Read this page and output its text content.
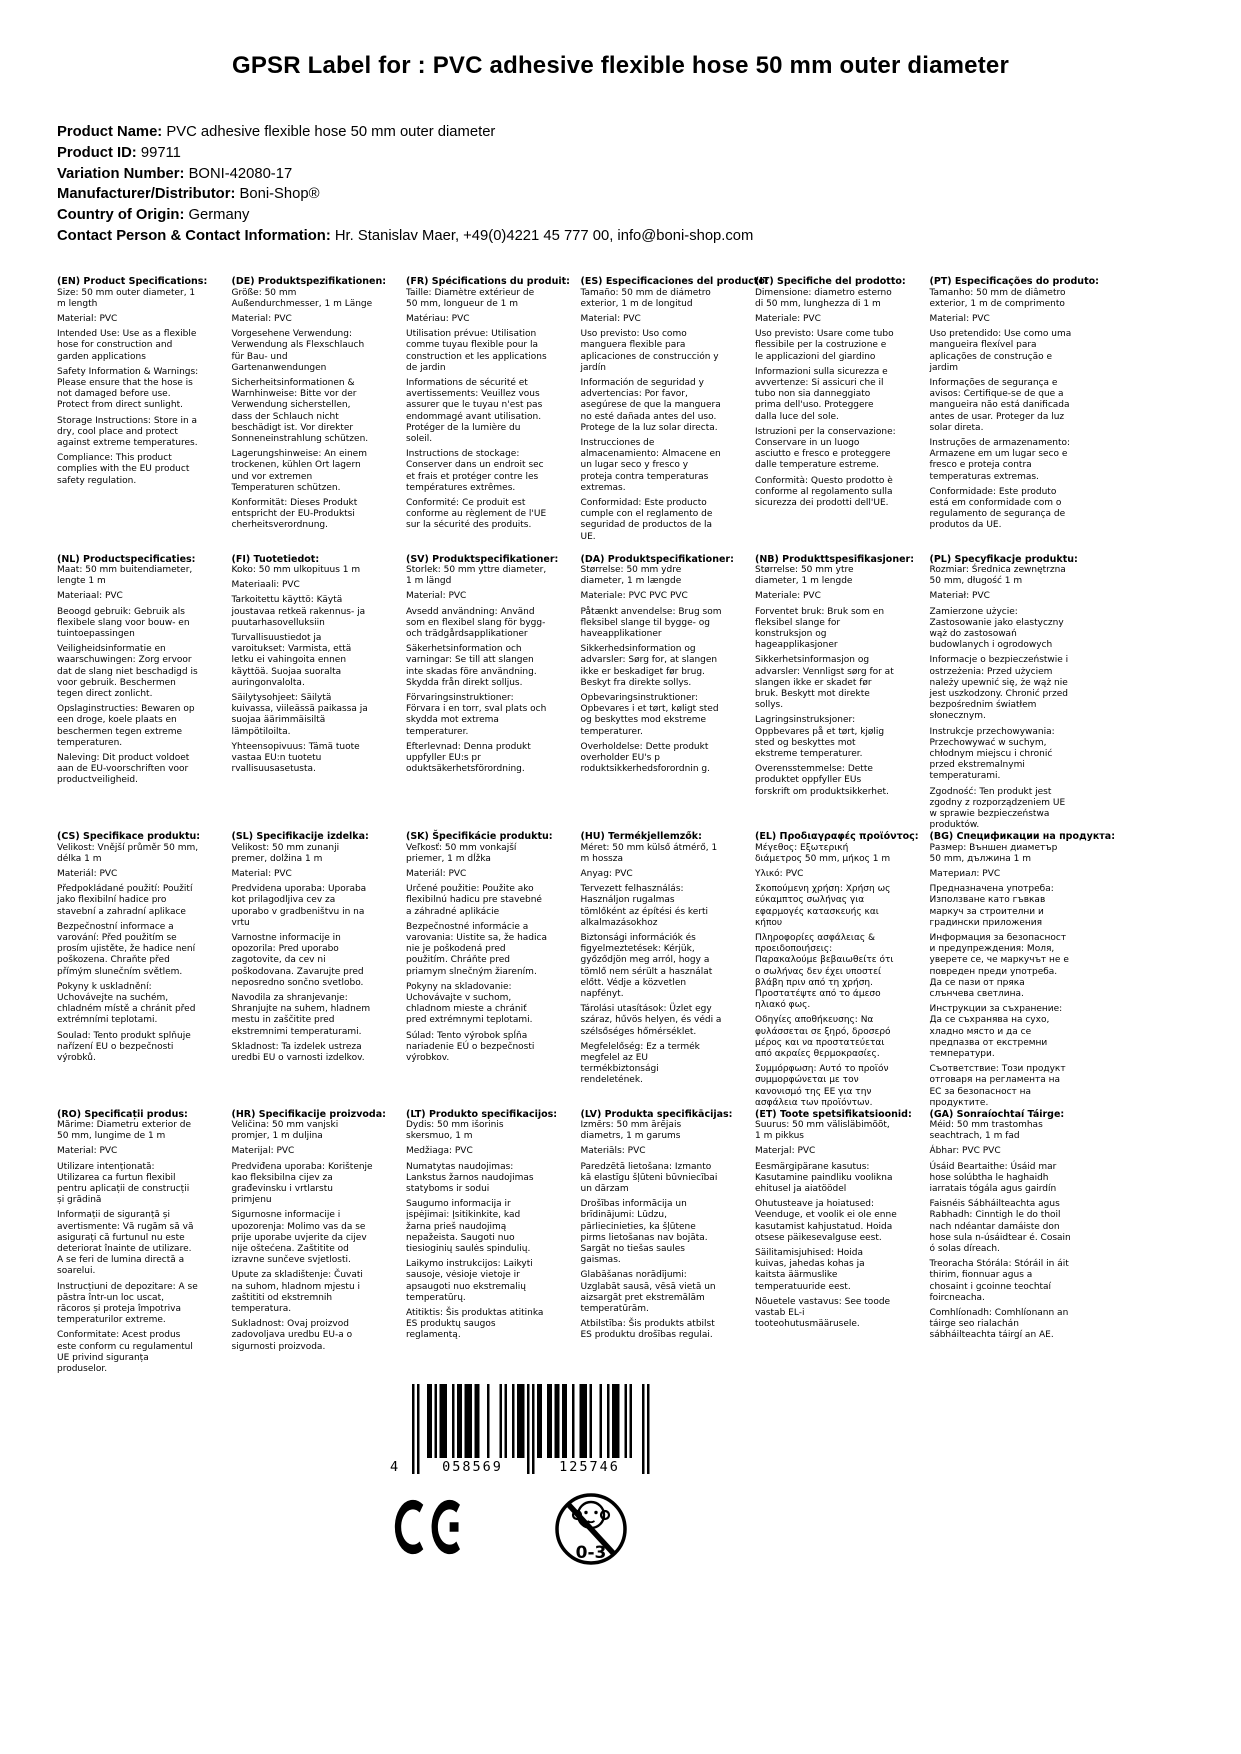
GPSR Label for : PVC adhesive flexible hose 50 mm outer diameter
Product Name: PVC adhesive flexible hose 50 mm outer diameter
Product ID: 99711
Variation Number: BONI-42080-17
Manufacturer/Distributor: Boni-Shop®
Country of Origin: Germany
Contact Person & Contact Information: Hr. Stanislav Maer, +49(0)4221 45 777 00, info@boni-shop.com
(EN) Product Specifications:

Size: 50 mm outer diameter, 1 m length

Material: PVC

Intended Use: Use as a flexible hose for construction and garden applications

Safety Information & Warnings: Please ensure that the hose is not damaged before use. Protect from direct sunlight.

Storage Instructions: Store in a dry, cool place and protect against extreme temperatures.

Compliance: This product complies with the EU product safety regulation.

(DE) Produktspezifikationen:

Größe: 50 mm Außendurchmesser, 1 m Länge

Material: PVC

Vorgesehene Verwendung: Verwendung als Flexschlauch für Bau- und Gartenanwendungen

Sicherheitsinformationen & Warnhinweise: Bitte vor der Verwendung sicherstellen, dass der Schlauch nicht beschädigt ist. Vor direkter Sonneneinstrahlung schützen.

Lagerungshinweise: An einem trockenen, kühlen Ort lagern und vor extremen Temperaturen schützen.

Konformität: Dieses Produkt entspricht der EU-Produktsi cherheitsverordnung.

(FR) Spécifications du produit:

Taille: Diamètre extérieur de 50 mm, longueur de 1 m

Matériau: PVC

Utilisation prévue: Utilisation comme tuyau flexible pour la construction et les applications de jardin

Informations de sécurité et avertissements: Veuillez vous assurer que le tuyau n'est pas endommagé avant utilisation. Protéger de la lumière du soleil.

Instructions de stockage: Conserver dans un endroit sec et frais et protéger contre les températures extrêmes.

Conformité: Ce produit est conforme au règlement de l'UE sur la sécurité des produits.

(ES) Especificaciones del producto:

Tamaño: 50 mm de diámetro exterior, 1 m de longitud

Material: PVC

Uso previsto: Uso como manguera flexible para aplicaciones de construcción y jardín

Información de seguridad y advertencias: Por favor, asegúrese de que la manguera no esté dañada antes del uso. Protege de la luz solar directa.

Instrucciones de almacenamiento: Almacene en un lugar seco y fresco y proteja contra temperaturas extremas.

Conformidad: Este producto cumple con el reglamento de seguridad de productos de la UE.

(IT) Specifiche del prodotto:

Dimensione: diametro esterno di 50 mm, lunghezza di 1 m

Materiale: PVC

Uso previsto: Usare come tubo flessibile per la costruzione e le applicazioni del giardino

Informazioni sulla sicurezza e avvertenze: Si assicuri che il tubo non sia danneggiato prima dell'uso. Proteggere dalla luce del sole.

Istruzioni per la conservazione: Conservare in un luogo asciutto e fresco e proteggere dalle temperature estreme.

Conformità: Questo prodotto è conforme al regolamento sulla sicurezza dei prodotti dell'UE.

(PT) Especificações do produto:

Tamanho: 50 mm de diâmetro exterior, 1 m de comprimento

Material: PVC

Uso pretendido: Use como uma mangueira flexível para aplicações de construção e jardim

Informações de segurança e avisos: Certifique-se de que a mangueira não está danificada antes de usar. Proteger da luz solar direta.

Instruções de armazenamento: Armazene em um lugar seco e fresco e proteja contra temperaturas extremas.

Conformidade: Este produto está em conformidade com o regulamento de segurança de produtos da UE.

(NL) Productspecificaties:

Maat: 50 mm buitendiameter, lengte 1 m

Materiaal: PVC

Beoogd gebruik: Gebruik als flexibele slang voor bouw- en tuintoepassingen

Veiligheidsinformatie en waarschuwingen: Zorg ervoor dat de slang niet beschadigd is voor gebruik. Beschermen tegen direct zonlicht.

Opslaginstructies: Bewaren op een droge, koele plaats en beschermen tegen extreme temperaturen.

Naleving: Dit product voldoet aan de EU-voorschriften voor productveiligheid.

(FI) Tuotetiedot:

Koko: 50 mm ulkopituus 1 m

Materiaali: PVC

Tarkoitettu käyttö: Käytä joustavaa retkeä rakennus- ja puutarhasovelluksiin

Turvallisuustiedot ja varoitukset: Varmista, että letku ei vahingoita ennen käyttöä. Suojaa suoralta auringonvalolta.

Säilytysohjeet: Säilytä kuivassa, viileässä paikassa ja suojaa äärimmäisiltä lämpötiloilta.

Yhteensopivuus: Tämä tuote vastaa EU:n tuotetu rvallisuusasetusta.

(SV) Produktspecifikationer:

Storlek: 50 mm yttre diameter, 1 m längd

Material: PVC

Avsedd användning: Använd som en flexibel slang för bygg- och trädgårdsapplikationer

Säkerhetsinformation och varningar: Se till att slangen inte skadas före användning. Skydda från direkt solljus.

Förvaringsinstruktioner: Förvara i en torr, sval plats och skydda mot extrema temperaturer.

Efterlevnad: Denna produkt uppfyller EU:s pr oduktsäkerhetsförordning.

(DA) Produktspecifikationer:

Størrelse: 50 mm ydre diameter, 1 m længde

Materiale: PVC PVC PVC

Påtænkt anvendelse: Brug som fleksibel slange til bygge- og haveapplikationer

Sikkerhedsinformation og advarsler: Sørg for, at slangen ikke er beskadiget før brug. Beskyt fra direkte sollys.

Opbevaringsinstruktioner: Opbevares i et tørt, køligt sted og beskyttes mod ekstreme temperaturer.

Overholdelse: Dette produkt overholder EU's p roduktsikkerhedsforordnin g.

(NB) Produkttspesifikasjoner:

Størrelse: 50 mm ytre diameter, 1 m lengde

Materiale: PVC

Forventet bruk: Bruk som en fleksibel slange for konstruksjon og hageapplikasjoner

Sikkerhetsinformasjon og advarsler: Vennligst sørg for at slangen ikke er skadet før bruk. Beskytt mot direkte sollys.

Lagringsinstruksjoner: Oppbevares på et tørt, kjølig sted og beskyttes mot ekstreme temperaturer.

Overensstemmelse: Dette produktet oppfyller EUs forskrift om produktsikkerhet.

(PL) Specyfikacje produktu:

Rozmiar: Średnica zewnętrzna 50 mm, długość 1 m

Materiał: PVC

Zamierzone użycie: Zastosowanie jako elastyczny wąż do zastosowań budowlanych i ogrodowych

Informacje o bezpieczeństwie i ostrzeżenia: Przed użyciem należy upewnić się, że wąż nie jest uszkodzony. Chronić przed bezpośrednim światłem słonecznym.

Instrukcje przechowywania: Przechowywać w suchym, chłodnym miejscu i chronić przed ekstremalnymi temperaturami.

Zgodność: Ten produkt jest zgodny z rozporządzeniem UE w sprawie bezpieczeństwa produktów.

(CS) Specifikace produktu:

Velikost: Vnější průměr 50 mm, délka 1 m

Materiál: PVC

Předpokládané použití: Použití jako flexibilní hadice pro stavební a zahradní aplikace

Bezpečnostní informace a varování: Před použitím se prosím ujistěte, že hadice není poškozena. Chraňte před přímým slunečním světlem.

Pokyny k uskladnění: Uchovávejte na suchém, chladném místě a chránit před extrémními teplotami.

Soulad: Tento produkt splňuje nařízení EU o bezpečnosti výrobků.

(SL) Specifikacije izdelka:

Velikost: 50 mm zunanji premer, dolžina 1 m

Material: PVC

Predvidena uporaba: Uporaba kot prilagodljiva cev za uporabo v gradbeništvu in na vrtu

Varnostne informacije in opozorila: Pred uporabo zagotovite, da cev ni poškodovana. Zavarujte pred neposredno sončno svetlobo.

Navodila za shranjevanje: Shranjujte na suhem, hladnem mestu in zaščitite pred ekstremnimi temperaturami.

Skladnost: Ta izdelek ustreza uredbi EU o varnosti izdelkov.

(SK) Špecifikácie produktu:

Veľkosť: 50 mm vonkajší priemer, 1 m dĺžka

Materiál: PVC

Určené použitie: Použite ako flexibilnú hadicu pre stavebné a záhradné aplikácie

Bezpečnostné informácie a varovania: Uistite sa, že hadica nie je poškodená pred použitím. Chráňte pred priamym slnečným žiarením.

Pokyny na skladovanie: Uchovávajte v suchom, chladnom mieste a chrániť pred extrémnymi teplotami.

Súlad: Tento výrobok spĺňa nariadenie EÚ o bezpečnosti výrobkov.

(HU) Termékjellemzők:

Méret: 50 mm külső átmérő, 1 m hossza

Anyag: PVC

Tervezett felhasználás: Használjon rugalmas tömlőként az építési és kerti alkalmazásokhoz

Biztonsági információk és figyelmeztetések: Kérjük, győződjön meg arról, hogy a tömlő nem sérült a használat előtt. Védje a közvetlen napfényt.

Tárolási utasítások: Üzlet egy száraz, hűvös helyen, és védi a szélsőséges hőmérséklet.

Megfelelőség: Ez a termék megfelel az EU termékbiztonsági rendeletének.

(EL) Προδιαγραφές προϊόντος:

Μέγεθος: Εξωτερική διάμετρος 50 mm, μήκος 1 m

Υλικό: PVC

Σκοπούμενη χρήση: Χρήση ως εύκαμπτος σωλήνας για εφαρμογές κατασκευής και κήπου

Πληροφορίες ασφάλειας & προειδοποιήσεις: Παρακαλούμε βεβαιωθείτε ότι ο σωλήνας δεν έχει υποστεί βλάβη πριν από τη χρήση. Προστατέψτε από το άμεσο ηλιακό φως.

Οδηγίες αποθήκευσης: Να φυλάσσεται σε ξηρό, δροσερό μέρος και να προστατεύεται από ακραίες θερμοκρασίες.

Συμμόρφωση: Αυτό το προϊόν συμμορφώνεται με τον κανονισμό της ΕΕ για την ασφάλεια των προϊόντων.

(BG) Спецификации на продукта:

Размер: Външен диаметър 50 mm, дължина 1 m

Материал: PVC

Предназначена употреба: Използване като гъвкав маркуч за строителни и градински приложения

Информация за безопасност и предупреждения: Моля, уверете се, че маркучът не е повреден преди употреба. Да се пази от пряка слънчева светлина.

Инструкции за съхранение: Да се съхранява на сухо, хладно място и да се предпазва от екстремни температури.

Съответствие: Този продукт отговаря на регламента на ЕС за безопасност на продуктите.

(RO) Specificații produs:

Mărime: Diametru exterior de 50 mm, lungime de 1 m

Material: PVC

Utilizare intenționată: Utilizarea ca furtun flexibil pentru aplicații de construcții și grădină

Informații de siguranță și avertismente: Vă rugăm să vă asigurați că furtunul nu este deteriorat înainte de utilizare. A se feri de lumina directă a soarelui.

Instrucțiuni de depozitare: A se păstra într-un loc uscat, răcoros și proteja împotriva temperaturilor extreme.

Conformitate: Acest produs este conform cu regulamentul UE privind siguranța produselor.

(HR) Specifikacije proizvoda:

Veličina: 50 mm vanjski promjer, 1 m duljina

Materijal: PVC

Predviđena uporaba: Korištenje kao fleksibilna cijev za građevinsku i vrtlarstu primjenu

Sigurnosne informacije i upozorenja: Molimo vas da se prije uporabe uvjerite da cijev nije oštećena. Zaštitite od izravne sunčeve svjetlosti.

Upute za skladištenje: Čuvati na suhom, hladnom mjestu i zaštititi od ekstremnih temperatura.

Sukladnost: Ovaj proizvod zadovoljava uredbu EU-a o sigurnosti proizvoda.

(LT) Produkto specifikacijos:

Dydis: 50 mm išorinis skersmuo, 1 m

Medžiaga: PVC

Numatytas naudojimas: Lankstus žarnos naudojimas statyboms ir sodui

Saugumo informacija ir įspėjimai: Įsitikinkite, kad žarna prieš naudojimą nepažeista. Saugoti nuo tiesioginių saulės spindulių.

Laikymo instrukcijos: Laikyti sausoje, vėsioje vietoje ir apsaugoti nuo ekstremalių temperatūrų.

Atitiktis: Šis produktas atitinka ES produktų saugos reglamentą.

(LV) Produkta specifikācijas:

Izmērs: 50 mm ārējais diametrs, 1 m garums

Materiāls: PVC

Paredzētā lietošana: Izmanto kā elastīgu šļūteni būvniecībai un dārzam

Drošības informācija un brīdinājumi: Lūdzu, pārliecinieties, ka šļūtene pirms lietošanas nav bojāta. Sargāt no tiešas saules gaismas.

Glabāšanas norādījumi: Uzglabāt sausā, vēsā vietā un aizsargāt pret ekstremālām temperatūrām.

Atbilstība: Šis produkts atbilst ES produktu drošības regulai.

(ET) Toote spetsifikatsioonid:

Suurus: 50 mm välisläbimõõt, 1 m pikkus

Materjal: PVC

Eesmärgipärane kasutus: Kasutamine paindliku voolikna ehitusel ja aiatöödel

Ohutusteave ja hoiatused: Veenduge, et voolik ei ole enne kasutamist kahjustatud. Hoida otsese päikesevalguse eest.

Säilitamisjuhised: Hoida kuivas, jahedas kohas ja kaitsta äärmuslike temperatuuride eest.

Nõuetele vastavus: See toode vastab EL-i tooteohutusmäärusele.

(GA) Sonraíochtaí Táirge:

Méid: 50 mm trastomhas seachtrach, 1 m fad

Ábhar: PVC PVC

Úsáid Beartaithe: Úsáid mar hose solúbtha le haghaidh iarratais tógála agus gairdín

Faisnéis Sábháilteachta agus Rabhadh: Cinntigh le do thoil nach ndéantar damáiste don hose sula n-úsáidtear é. Cosain ó solas díreach.

Treoracha Stórála: Stóráil in áit thirim, fionnuar agus a chosaint i gcoinne teochtaí foircneacha.

Comhlíonadh: Comhlíonann an táirge seo rialachán sábháilteachta táirgí an AE.

4	058569	125746
0-3
